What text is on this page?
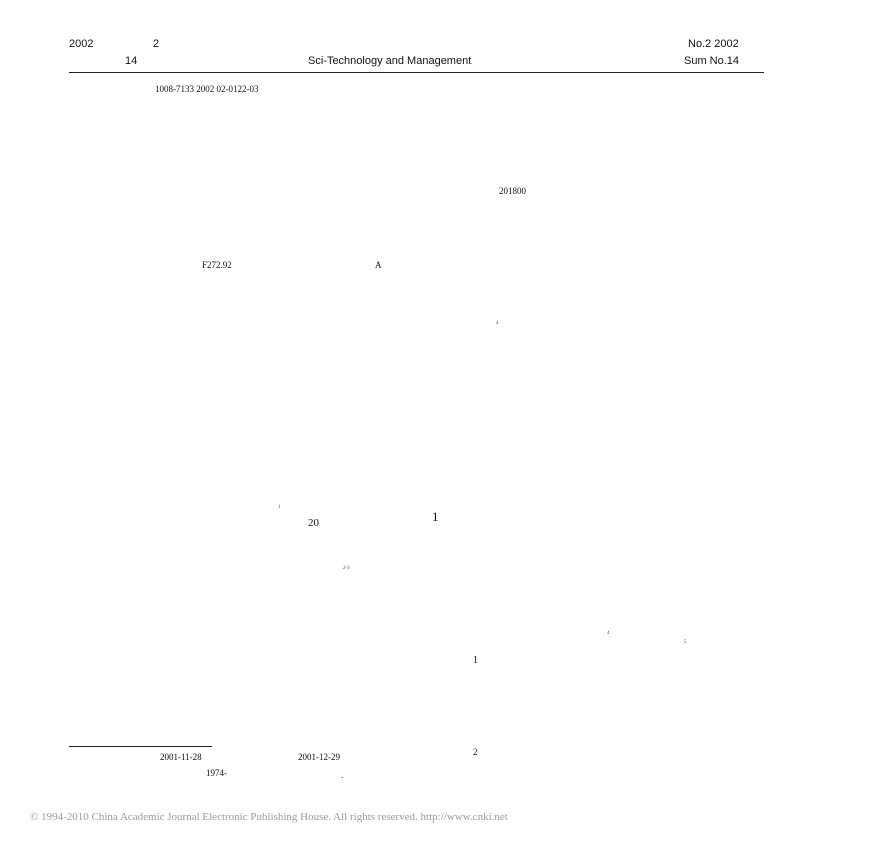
2002	2
14	Sci-Technology and Management
No.2 2002
Sum No.14
1008-7133 2002 02-0122-03
201800
F272.92	A
4
1
20	1
2-3
4
5
1
2001-11-28	2001-12-29	2
1974-	.
© 1994-2010 China Academic Journal Electronic Publishing House. All rights reserved. http://www.cnki.net
